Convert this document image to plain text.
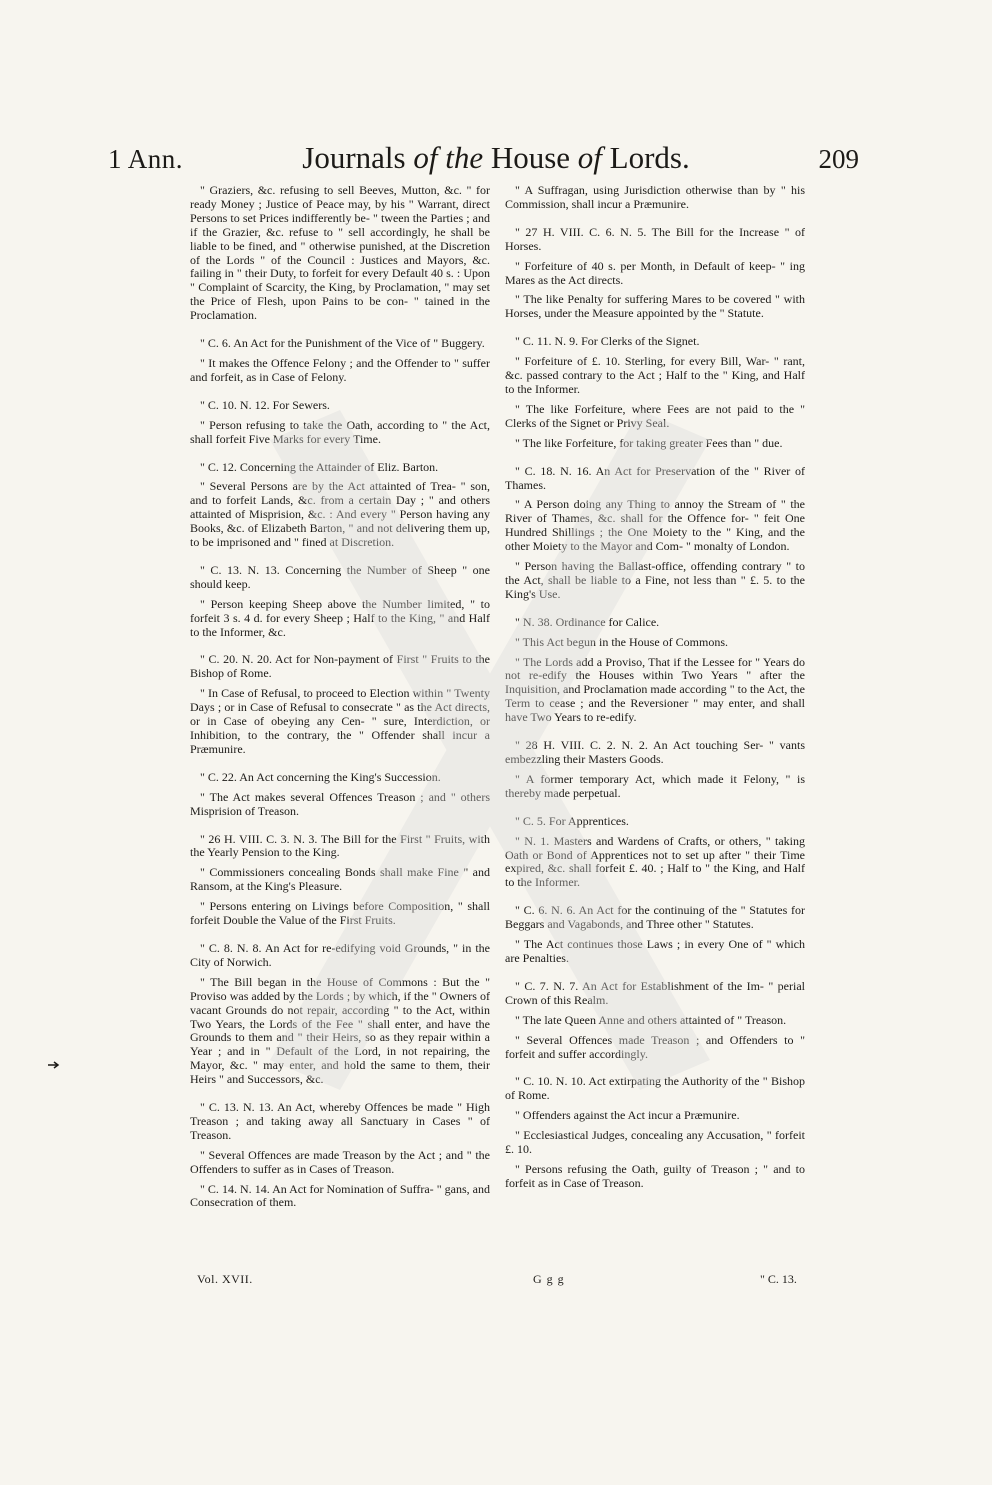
1 Ann.	Journals of the House of Lords.	209

" Graziers, &c. refusing to sell Beeves, Mutton, &c. " for ready Money ; Justice of Peace may, by his " Warrant, direct Persons to set Prices indifferently be- " tween the Parties ; and if the Grazier, &c. refuse to " sell accordingly, he shall be liable to be fined, and " otherwise punished, at the Discretion of the Lords " of the Council : Justices and Mayors, &c. failing in " their Duty, to forfeit for every Default 40 s. : Upon " Complaint of Scarcity, the King, by Proclamation, " may set the Price of Flesh, upon Pains to be con- " tained in the Proclamation.

" C. 6. An Act for the Punishment of the Vice of " Buggery.

" It makes the Offence Felony ; and the Offender to " suffer and forfeit, as in Case of Felony.

" C. 10. N. 12. For Sewers.

" Person refusing to take the Oath, according to " the Act, shall forfeit Five Marks for every Time.

" C. 12. Concerning the Attainder of Eliz. Barton.

" Several Persons are by the Act attainted of Trea- " son, and to forfeit Lands, &c. from a certain Day ; " and others attainted of Misprision, &c. : And every " Person having any Books, &c. of Elizabeth Barton, " and not delivering them up, to be imprisoned and " fined at Discretion.

" C. 13. N. 13. Concerning the Number of Sheep " one should keep.

" Person keeping Sheep above the Number limited, " to forfeit 3 s. 4 d. for every Sheep ; Half to the King, " and Half to the Informer, &c.

" C. 20. N. 20. Act for Non-payment of First " Fruits to the Bishop of Rome.

" In Case of Refusal, to proceed to Election within " Twenty Days ; or in Case of Refusal to consecrate " as the Act directs, or in Case of obeying any Cen- " sure, Interdiction, or Inhibition, to the contrary, the " Offender shall incur a Præmunire.

" C. 22. An Act concerning the King's Succession.

" The Act makes several Offences Treason ; and " others Misprision of Treason.

" 26 H. VIII. C. 3. N. 3. The Bill for the First " Fruits, with the Yearly Pension to the King.

" Commissioners concealing Bonds shall make Fine " and Ransom, at the King's Pleasure.

" Persons entering on Livings before Composition, " shall forfeit Double the Value of the First Fruits.

" C. 8. N. 8. An Act for re-edifying void Grounds, " in the City of Norwich.

" The Bill began in the House of Commons : But the " Proviso was added by the Lords ; by which, if the " Owners of vacant Grounds do not repair, according " to the Act, within Two Years, the Lords of the Fee " shall enter, and have the Grounds to them and " their Heirs, so as they repair within a Year ; and in " Default of the Lord, in not repairing, the Mayor, &c. " may enter, and hold the same to them, their Heirs " and Successors, &c.

" C. 13. N. 13. An Act, whereby Offences be made " High Treason ; and taking away all Sanctuary in Cases " of Treason.

" Several Offences are made Treason by the Act ; and " the Offenders to suffer as in Cases of Treason.

" C. 14. N. 14. An Act for Nomination of Suffra- " gans, and Consecration of them.

" A Suffragan, using Jurisdiction otherwise than by " his Commission, shall incur a Præmunire.

" 27 H. VIII. C. 6. N. 5. The Bill for the Increase " of Horses.

" Forfeiture of 40 s. per Month, in Default of keep- " ing Mares as the Act directs.

" The like Penalty for suffering Mares to be covered " with Horses, under the Measure appointed by the " Statute.

" C. 11. N. 9. For Clerks of the Signet.

" Forfeiture of £. 10. Sterling, for every Bill, War- " rant, &c. passed contrary to the Act ; Half to the " King, and Half to the Informer.

" The like Forfeiture, where Fees are not paid to the " Clerks of the Signet or Privy Seal.

" The like Forfeiture, for taking greater Fees than " due.

" C. 18. N. 16. An Act for Preservation of the " River of Thames.

" A Person doing any Thing to annoy the Stream of " the River of Thames, &c. shall for the Offence for- " feit One Hundred Shillings ; the One Moiety to the " King, and the other Moiety to the Mayor and Com- " monalty of London.

" Person having the Ballast-office, offending contrary " to the Act, shall be liable to a Fine, not less than " £. 5. to the King's Use.

" N. 38. Ordinance for Calice.

" This Act begun in the House of Commons.

" The Lords add a Proviso, That if the Lessee for " Years do not re-edify the Houses within Two Years " after the Inquisition, and Proclamation made according " to the Act, the Term to cease ; and the Reversioner " may enter, and shall have Two Years to re-edify.

" 28 H. VIII. C. 2. N. 2. An Act touching Ser- " vants embezzling their Masters Goods.

" A former temporary Act, which made it Felony, " is thereby made perpetual.

" C. 5. For Apprentices.

" N. 1. Masters and Wardens of Crafts, or others, " taking Oath or Bond of Apprentices not to set up after " their Time expired, &c. shall forfeit £. 40. ; Half to " the King, and Half to the Informer.

" C. 6. N. 6. An Act for the continuing of the " Statutes for Beggars and Vagabonds, and Three other " Statutes.

" The Act continues those Laws ; in every One of " which are Penalties.

" C. 7. N. 7. An Act for Establishment of the Im- " perial Crown of this Realm.

" The late Queen Anne and others attainted of " Treason.

" Several Offences made Treason ; and Offenders to " forfeit and suffer accordingly.

" C. 10. N. 10. Act extirpating the Authority of the " Bishop of Rome.

" Offenders against the Act incur a Præmunire.

" Ecclesiastical Judges, concealing any Accusation, " forfeit £. 10.

" Persons refusing the Oath, guilty of Treason ; " and to forfeit as in Case of Treason.

Vol. XVII.	G g g	" C. 13.
